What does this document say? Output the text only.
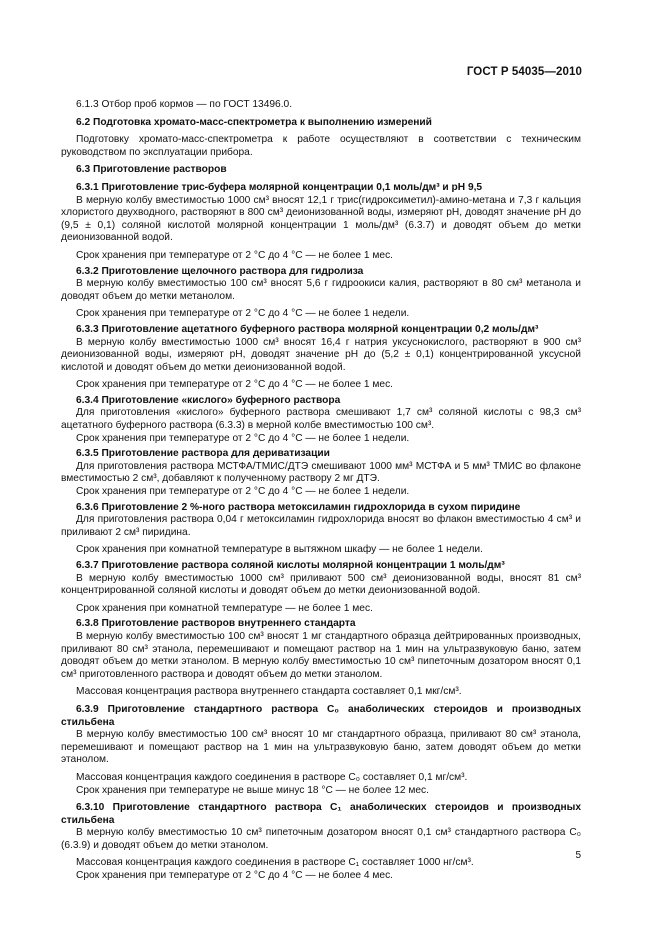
ГОСТ Р 54035—2010

6.1.3 Отбор проб кормов — по ГОСТ 13496.0.

6.2 Подготовка хромато-масс-спектрометра к выполнению измерений

Подготовку хромато-масс-спектрометра к работе осуществляют в соответствии с техническим руководством по эксплуатации прибора.

6.3 Приготовление растворов

6.3.1 Приготовление трис-буфера молярной концентрации 0,1 моль/дм³ и рН 9,5

В мерную колбу вместимостью 1000 см³ вносят 12,1 г трис(гидроксиметил)-амино-метана и 7,3 г кальция хлористого двухводного, растворяют в 800 см³ деионизованной воды, измеряют рН, доводят значение рН до (9,5 ± 0,1) соляной кислотой молярной концентрации 1 моль/дм³ (6.3.7) и доводят объем до метки деионизованной водой.

Срок хранения при температуре от 2 °С до 4 °С — не более 1 мес.

6.3.2 Приготовление щелочного раствора для гидролиза

В мерную колбу вместимостью 100 см³ вносят 5,6 г гидроокиси калия, растворяют в 80 см³ метанола и доводят объем до метки метанолом.

Срок хранения при температуре от 2 °С до 4 °С — не более 1 недели.

6.3.3 Приготовление ацетатного буферного раствора молярной концентрации 0,2 моль/дм³

В мерную колбу вместимостью 1000 см³ вносят 16,4 г натрия уксуснокислого, растворяют в 900 см³ деионизованной воды, измеряют рН, доводят значение рН до (5,2 ± 0,1) концентрированной уксусной кислотой и доводят объем до метки деионизованной водой.

Срок хранения при температуре от 2 °С до 4 °С — не более 1 мес.

6.3.4 Приготовление «кислого» буферного раствора

Для приготовления «кислого» буферного раствора смешивают 1,7 см³ соляной кислоты с 98,3 см³ ацетатного буферного раствора (6.3.3) в мерной колбе вместимостью 100 см³.

Срок хранения при температуре от 2 °С до 4 °С — не более 1 недели.

6.3.5 Приготовление раствора для дериватизации

Для приготовления раствора МСТФА/ТМИС/ДТЭ смешивают 1000 мм³ МСТФА и 5 мм³ ТМИС во флаконе вместимостью 2 см³, добавляют к полученному раствору 2 мг ДТЭ.

Срок хранения при температуре от 2 °С до 4 °С — не более 1 недели.

6.3.6 Приготовление 2 %-ного раствора метоксиламин гидрохлорида в сухом пиридине

Для приготовления раствора 0,04 г метоксиламин гидрохлорида вносят во флакон вместимостью 4 см³ и приливают 2 см³ пиридина.

Срок хранения при комнатной температуре в вытяжном шкафу — не более 1 недели.

6.3.7 Приготовление раствора соляной кислоты молярной концентрации 1 моль/дм³

В мерную колбу вместимостью 1000 см³ приливают 500 см³ деионизованной воды, вносят 81 см³ концентрированной соляной кислоты и доводят объем до метки деионизованной водой.

Срок хранения при комнатной температуре — не более 1 мес.

6.3.8 Приготовление растворов внутреннего стандарта

В мерную колбу вместимостью 100 см³ вносят 1 мг стандартного образца дейтрированных производных, приливают 80 см³ этанола, перемешивают и помещают раствор на 1 мин на ультразвуковую баню, затем доводят объем до метки этанолом. В мерную колбу вместимостью 10 см³ пипеточным дозатором вносят 0,1 см³ приготовленного раствора и доводят объем до метки этанолом.

Массовая концентрация раствора внутреннего стандарта составляет 0,1 мкг/см³.

6.3.9 Приготовление стандартного раствора С₀ анаболических стероидов и производных стильбена

В мерную колбу вместимостью 100 см³ вносят 10 мг стандартного образца, приливают 80 см³ этанола, перемешивают и помещают раствор на 1 мин на ультразвуковую баню, затем доводят объем до метки этанолом.

Массовая концентрация каждого соединения в растворе С₀ составляет 0,1 мг/см³.

Срок хранения при температуре не выше минус 18 °С — не более 12 мес.

6.3.10 Приготовление стандартного раствора С₁ анаболических стероидов и производных стильбена

В мерную колбу вместимостью 10 см³ пипеточным дозатором вносят 0,1 см³ стандартного раствора С₀ (6.3.9) и доводят объем до метки этанолом.

Массовая концентрация каждого соединения в растворе С₁ составляет 1000 нг/см³.

Срок хранения при температуре от 2 °С до 4 °С — не более 4 мес.

5
